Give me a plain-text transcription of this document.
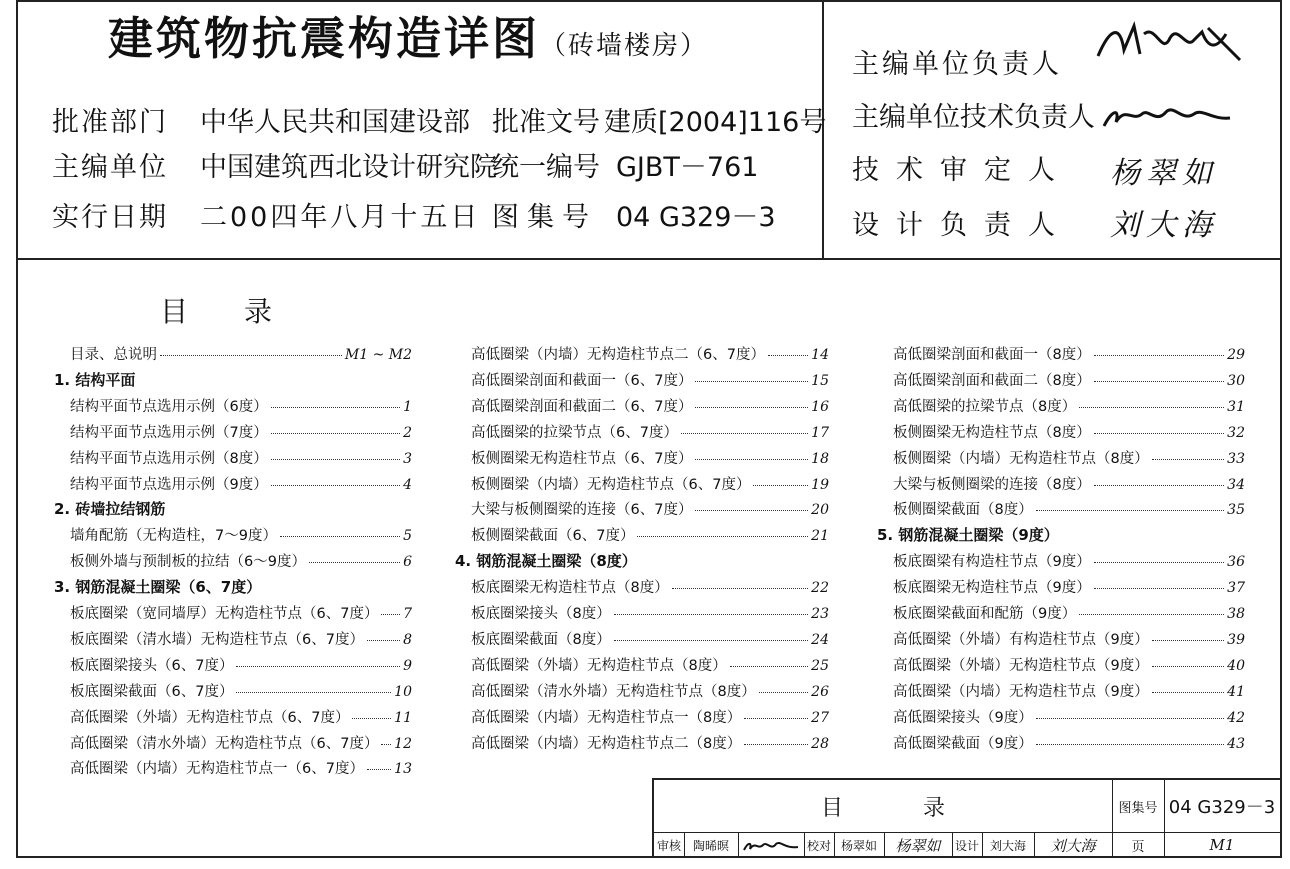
建筑物抗震构造详图（砖墙楼房）
批准部门 中华人民共和国建设部 批准文号 建质[2004]116号
主编单位 中国建筑西北设计研究院
统一编号 GJBT－761
实行日期 二00四年八月十五日 图集号 04 G329－3
主编单位负责人
主编单位技术负责人
技术审定人 杨翠如
设计负责人 刘大海
目录
目录、总说明	M1 ~ M2
1. 结构平面
结构平面节点选用示例（6度）	1
结构平面节点选用示例（7度）	2
结构平面节点选用示例（8度）	3
结构平面节点选用示例（9度）	4
2. 砖墙拉结钢筋
墙角配筋（无构造柱，7～9度）	5
板侧外墙与预制板的拉结（6～9度）	6
3. 钢筋混凝土圈梁（6、7度）
板底圈梁（宽同墙厚）无构造柱节点（6、7度） 7
板底圈梁（清水墙）无构造柱节点（6、7度）	8
板底圈梁接头（6、7度）	9
板底圈梁截面（6、7度）	10
高低圈梁（外墙）无构造柱节点（6、7度）	11
高低圈梁（清水外墙）无构造柱节点（6、7度） 12
高低圈梁（内墙）无构造柱节点一（6、7度） 13
高低圈梁（内墙）无构造柱节点二（6、7度）	14
高低圈梁剖面和截面一（6、7度）	15
高低圈梁剖面和截面二（6、7度）	16
高低圈梁的拉梁节点（6、7度）	17
板侧圈梁无构造柱节点（6、7度）	18
板侧圈梁（内墙）无构造柱节点（6、7度）	19
大梁与板侧圈梁的连接（6、7度）	20
板侧圈梁截面（6、7度）	21
4. 钢筋混凝土圈梁（8度）
板底圈梁无构造柱节点（8度）	22
板底圈梁接头（8度）	23
板底圈梁截面（8度）	24
高低圈梁（外墙）无构造柱节点（8度）	25
高低圈梁（清水外墙）无构造柱节点（8度）	26
高低圈梁（内墙）无构造柱节点一（8度）	27
高低圈梁（内墙）无构造柱节点二（8度）	28
高低圈梁剖面和截面一（8度）	29
高低圈梁剖面和截面二（8度）	30
高低圈梁的拉梁节点（8度）	31
板侧圈梁无构造柱节点（8度）	32
板侧圈梁（内墙）无构造柱节点（8度）	33
大梁与板侧圈梁的连接（8度）	34
板侧圈梁截面（8度）	35
5. 钢筋混凝土圈梁（9度）
板底圈梁有构造柱节点（9度）	36
板底圈梁无构造柱节点（9度）	37
板底圈梁截面和配筋（9度）	38
高低圈梁（外墙）有构造柱节点（9度）	39
高低圈梁（外墙）无构造柱节点（9度）	40
高低圈梁（内墙）无构造柱节点（9度）	41
高低圈梁接头（9度）	42
高低圈梁截面（9度）	43
目录	图集号 04 G329－3
审核 陶晞暝	校对 杨翠如	杨翠如	设计 刘大海	刘大海	页	M1
